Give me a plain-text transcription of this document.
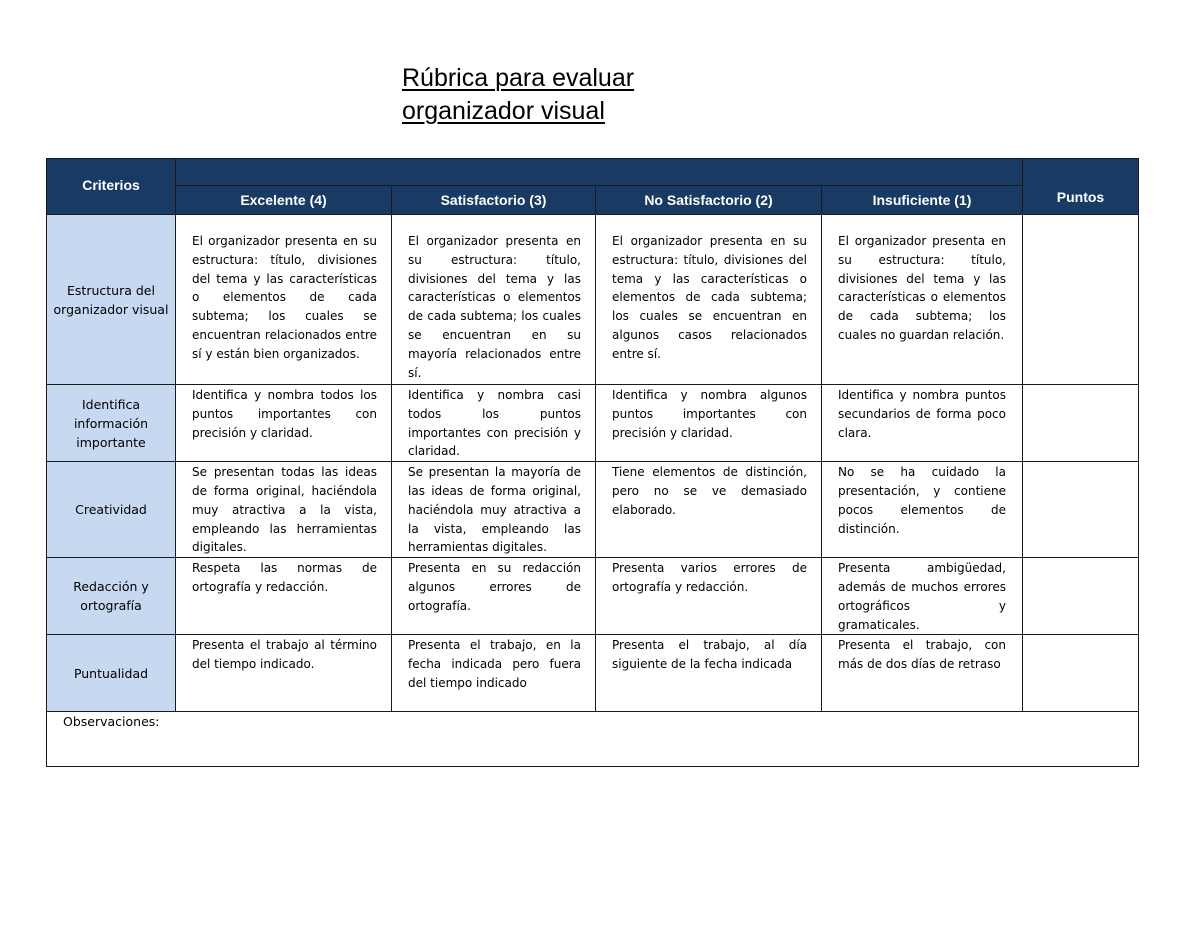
Rúbrica para evaluar
organizador visual
Criterios					Puntos
	Excelente (4)	Satisfactorio (3)	No Satisfactorio (2)	Insuficiente (1)	
Estructura del organizador visual	El organizador presenta en su estructura: título, divisiones del tema y las características o elementos de cada subtema; los cuales se encuentran relacionados entre sí y están bien organizados.	El organizador presenta en su estructura: título, divisiones del tema y las características o elementos de cada subtema; los cuales se encuentran en su mayoría relacionados entre sí.	El organizador presenta en su estructura: título, divisiones del tema y las características o elementos de cada subtema; los cuales se encuentran en algunos casos relacionados entre sí.	El organizador presenta en su estructura: título, divisiones del tema y las características o elementos de cada subtema; los cuales no guardan relación.	
Identifica información importante	Identifica y nombra todos los puntos importantes con precisión y claridad.	Identifica y nombra casi todos los puntos importantes con precisión y claridad.	Identifica y nombra algunos puntos importantes con precisión y claridad.	Identifica y nombra puntos secundarios de forma poco clara.	
Creatividad	Se presentan todas las ideas de forma original, haciéndola muy atractiva a la vista, empleando las herramientas digitales.	Se presentan la mayoría de las ideas de forma original, haciéndola muy atractiva a la vista, empleando las herramientas digitales.	Tiene elementos de distinción, pero no se ve demasiado elaborado.	No se ha cuidado la presentación, y contiene pocos elementos de distinción.	
Redacción y ortografía	Respeta las normas de ortografía y redacción.	Presenta en su redacción algunos errores de ortografía.	Presenta varios errores de ortografía y redacción.	Presenta ambigüedad, además de muchos errores ortográficos y gramaticales.	
Puntualidad	Presenta el trabajo al término del tiempo indicado.	Presenta el trabajo, en la fecha indicada pero fuera del tiempo indicado	Presenta el trabajo, al día siguiente de la fecha indicada	Presenta el trabajo, con más de dos días de retraso	
Observaciones:					
